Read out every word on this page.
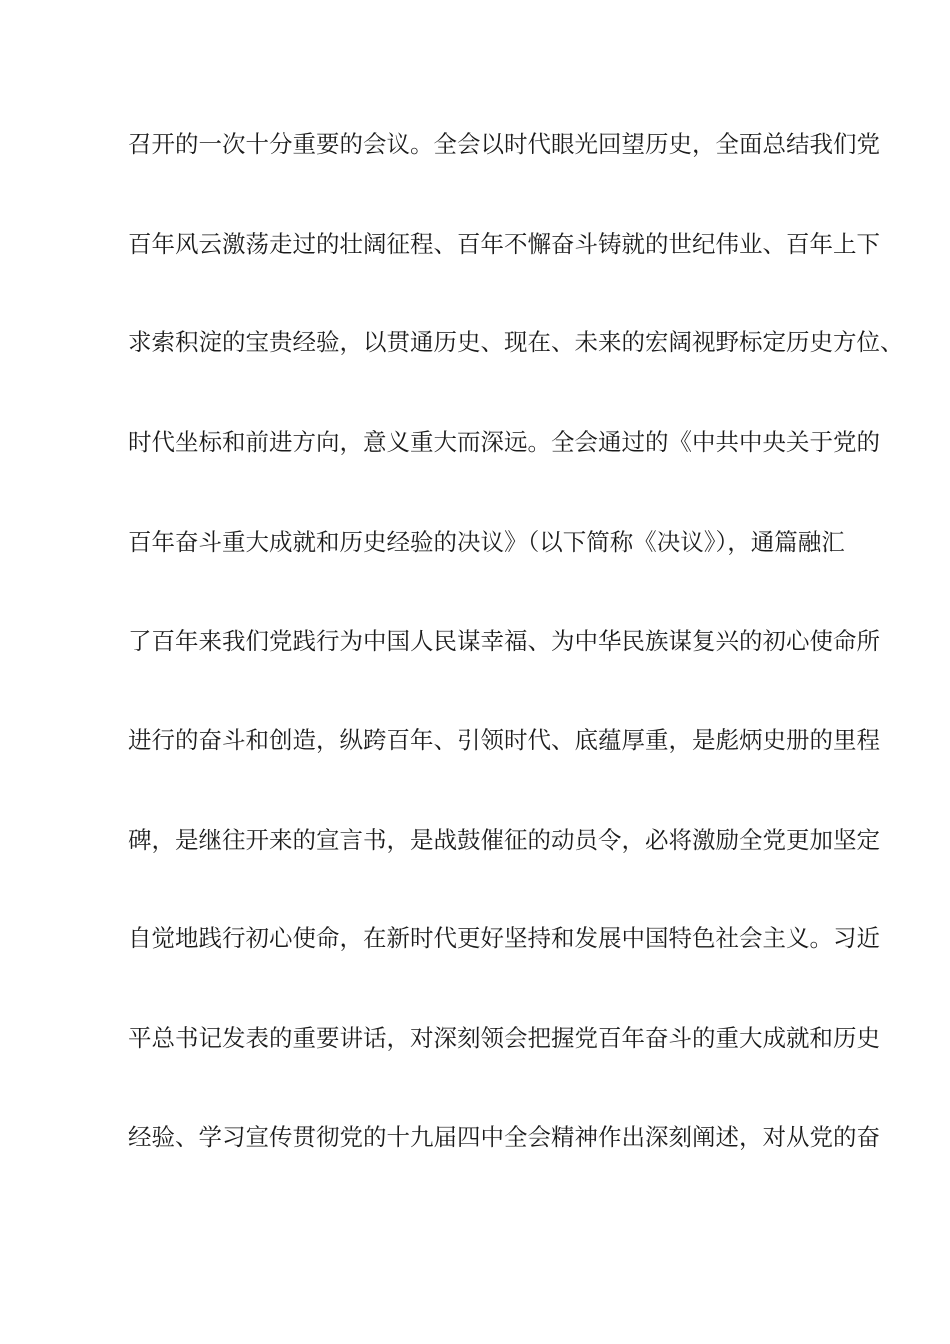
召开的一次十分重要的会议。全会以时代眼光回望历史，全面总结我们党
百年风云激荡走过的壮阔征程、百年不懈奋斗铸就的世纪伟业、百年上下
求索积淀的宝贵经验，以贯通历史、现在、未来的宏阔视野标定历史方位、
时代坐标和前进方向，意义重大而深远。全会通过的《中共中央关于党的
百年奋斗重大成就和历史经验的决议》（以下简称《决议》），通篇融汇
了百年来我们党践行为中国人民谋幸福、为中华民族谋复兴的初心使命所
进行的奋斗和创造，纵跨百年、引领时代、底蕴厚重，是彪炳史册的里程
碑，是继往开来的宣言书，是战鼓催征的动员令，必将激励全党更加坚定
自觉地践行初心使命，在新时代更好坚持和发展中国特色社会主义。习近
平总书记发表的重要讲话，对深刻领会把握党百年奋斗的重大成就和历史
经验、学习宣传贯彻党的十九届四中全会精神作出深刻阐述，对从党的奋
